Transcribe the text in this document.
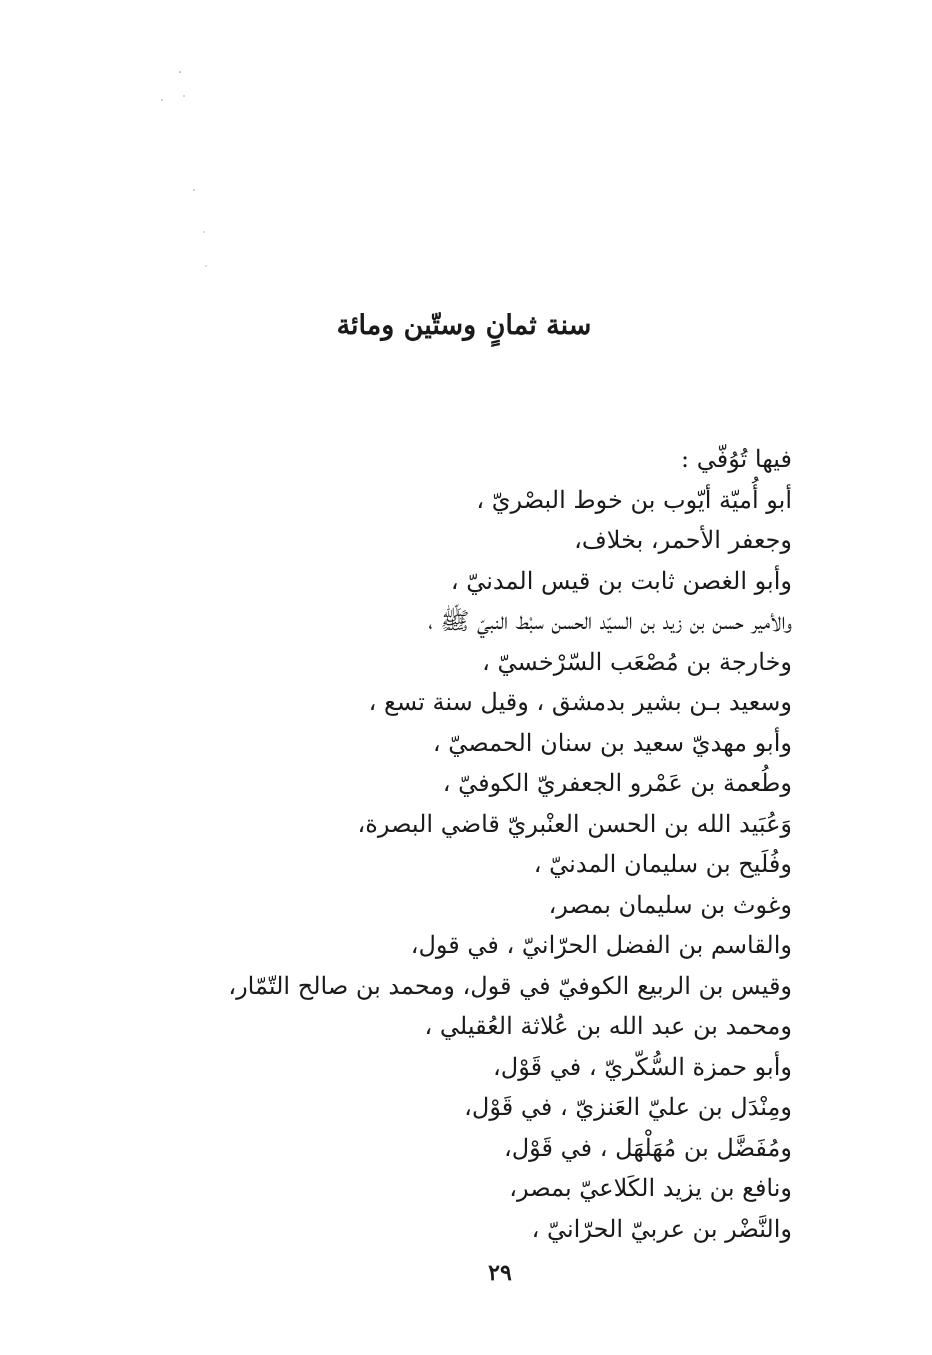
سنة ثمانٍ وستّين ومائة
فيها تُوُفّي :
أبو أُميّة أيّوب بن خوط البصْريّ ،
وجعفر الأحمر، بخلاف،
وأبو الغصن ثابت بن قيس المدنيّ ،
والأمير حسن بن زيد بن السيّد الحسن سبْط النبيّ ﷺ ،
وخارجة بن مُصْعَب السّرْخسيّ ،
وسعيد بـن بشير بدمشق ، وقيل سنة تسع ،
وأبو مهديّ سعيد بن سنان الحمصيّ ،
وطُعمة بن عَمْرو الجعفريّ الكوفيّ ،
وَعُبَيد الله بن الحسن العنْبريّ قاضي البصرة،
وفُلَيح بن سليمان المدنيّ ،
وغوث بن سليمان بمصر،
والقاسم بن الفضل الحرّانيّ ، في قول،
وقيس بن الربيع الكوفيّ في قول، ومحمد بن صالح التّمّار،
ومحمد بن عبد الله بن عُلاثة العُقيلي ،
وأبو حمزة السُّكّريّ ، في قَوْل،
ومِنْدَل بن عليّ العَنزيّ ، في قَوْل،
ومُفَضَّل بن مُهَلْهَل ، في قَوْل،
ونافع بن يزيد الكَلاعيّ بمصر،
والنَّضْر بن عربيّ الحرّانيّ ،
٢٩
